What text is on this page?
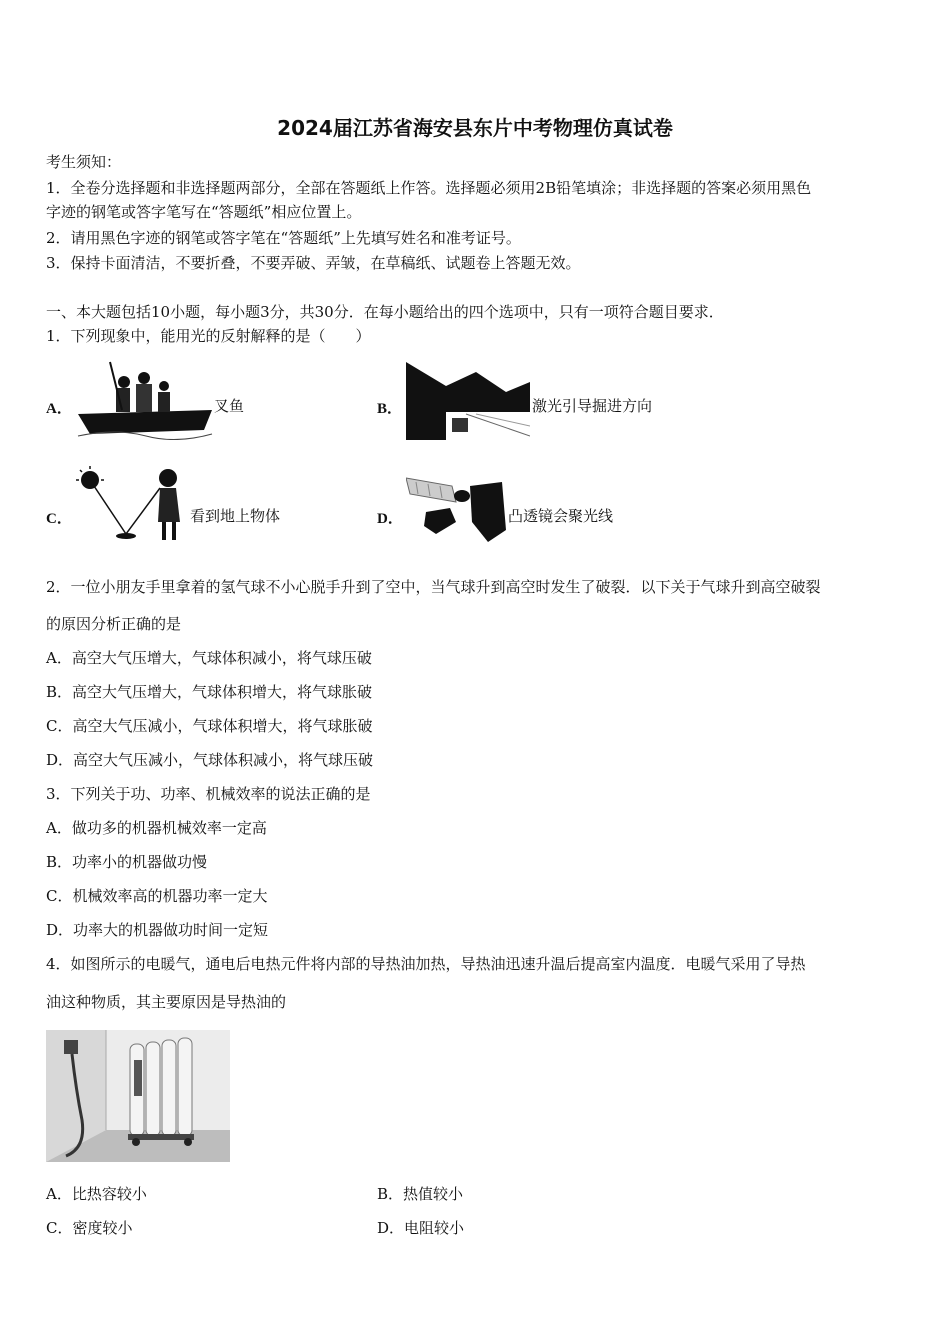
2024届江苏省海安县东片中考物理仿真试卷
考生须知：
1．全卷分选择题和非选择题两部分，全部在答题纸上作答。选择题必须用2B铅笔填涂；非选择题的答案必须用黑色
字迹的钢笔或答字笔写在“答题纸”相应位置上。
2．请用黑色字迹的钢笔或答字笔在“答题纸”上先填写姓名和准考证号。
3．保持卡面清洁，不要折叠，不要弄破、弄皱，在草稿纸、试题卷上答题无效。
一、本大题包括10小题，每小题3分，共30分．在每小题给出的四个选项中，只有一项符合题目要求．
1．下列现象中，能用光的反射解释的是（　　）
A．	叉鱼	B．	激光引导掘进方向
C．	看到地上物体	D．	凸透镜会聚光线
2．一位小朋友手里拿着的氢气球不小心脱手升到了空中，当气球升到高空时发生了破裂．以下关于气球升到高空破裂
的原因分析正确的是
A．高空大气压增大，气球体积减小，将气球压破
B．高空大气压增大，气球体积增大，将气球胀破
C．高空大气压减小，气球体积增大，将气球胀破
D．高空大气压减小，气球体积减小，将气球压破
3．下列关于功、功率、机械效率的说法正确的是
A．做功多的机器机械效率一定高
B．功率小的机器做功慢
C．机械效率高的机器功率一定大
D．功率大的机器做功时间一定短
4．如图所示的电暖气，通电后电热元件将内部的导热油加热，导热油迅速升温后提高室内温度．电暖气采用了导热
油这种物质，其主要原因是导热油的
A．比热容较小	B．热值较小
C．密度较小	D．电阻较小
